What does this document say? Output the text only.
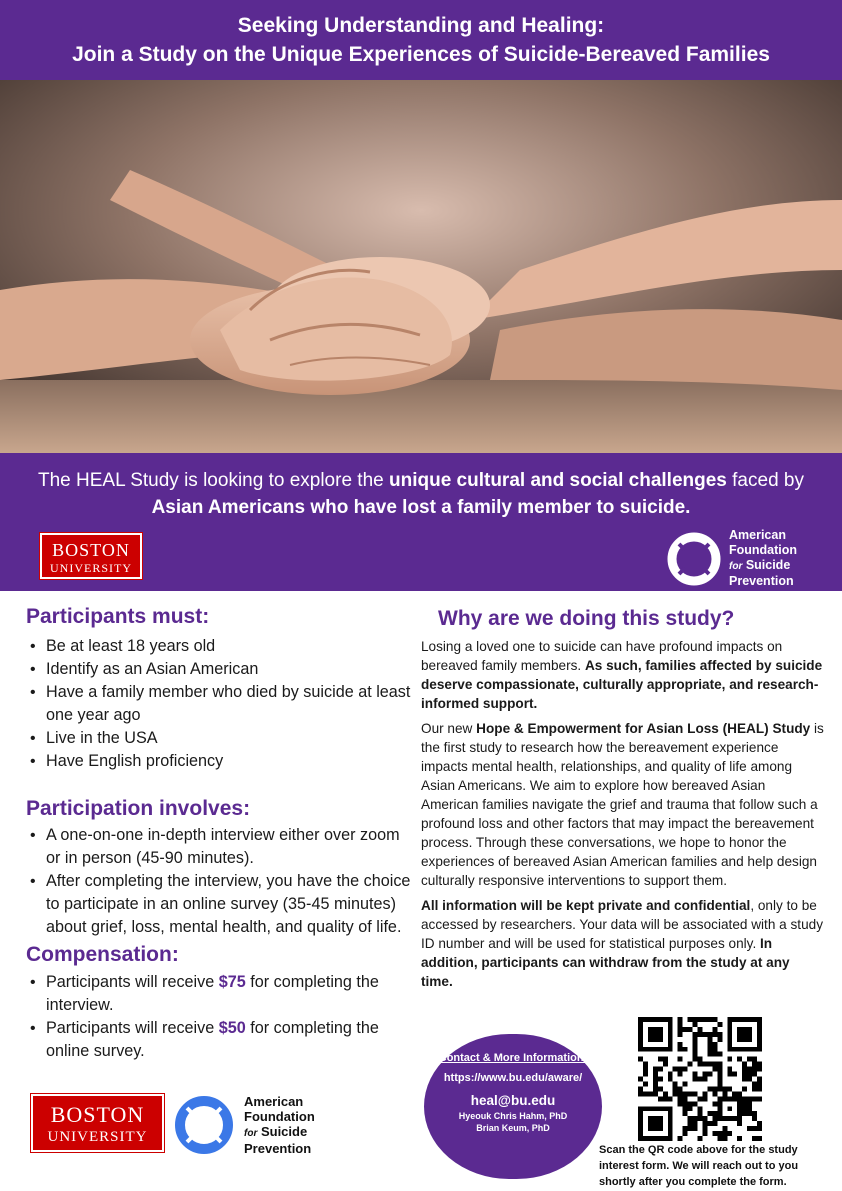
Seeking Understanding and Healing:
Join a Study on the Unique Experiences of Suicide-Bereaved Families
The HEAL Study is looking to explore the unique cultural and social challenges faced by Asian Americans who have lost a family member to suicide.
BOSTON
UNIVERSITY
American
Foundation
for Suicide
Prevention
Participants must:
• Be at least 18 years old
• Identify as an Asian American
• Have a family member who died by suicide at least one year ago
• Live in the USA
• Have English proficiency
Participation involves:
• A one-on-one in-depth interview either over zoom or in person (45-90 minutes).
• After completing the interview, you have the choice to participate in an online survey (35-45 minutes) about grief, loss, mental health, and quality of life.
Compensation:
• Participants will receive $75 for completing the interview.
• Participants will receive $50 for completing the online survey.
Why are we doing this study?

Losing a loved one to suicide can have profound impacts on bereaved family members. As such, families affected by suicide deserve compassionate, culturally appropriate, and research-informed support.

Our new Hope & Empowerment for Asian Loss (HEAL) Study is the first study to research how the bereavement experience impacts mental health, relationships, and quality of life among Asian Americans. We aim to explore how bereaved Asian American families navigate the grief and trauma that follow such a profound loss and other factors that may impact the bereavement process. Through these conversations, we hope to honor the experiences of bereaved Asian American families and help design culturally responsive interventions to support them.

All information will be kept private and confidential, only to be accessed by researchers. Your data will be associated with a study ID number and will be used for statistical purposes only. In addition, participants can withdraw from the study at any time.

Contact & More Information:
https://www.bu.edu/aware/
heal@bu.edu
Hyeouk Chris Hahm, PhD
Brian Keum, PhD
Scan the QR code above for the study interest form. We will reach out to you shortly after you complete the form.
BOSTON
UNIVERSITY
American
Foundation
for Suicide
Prevention
